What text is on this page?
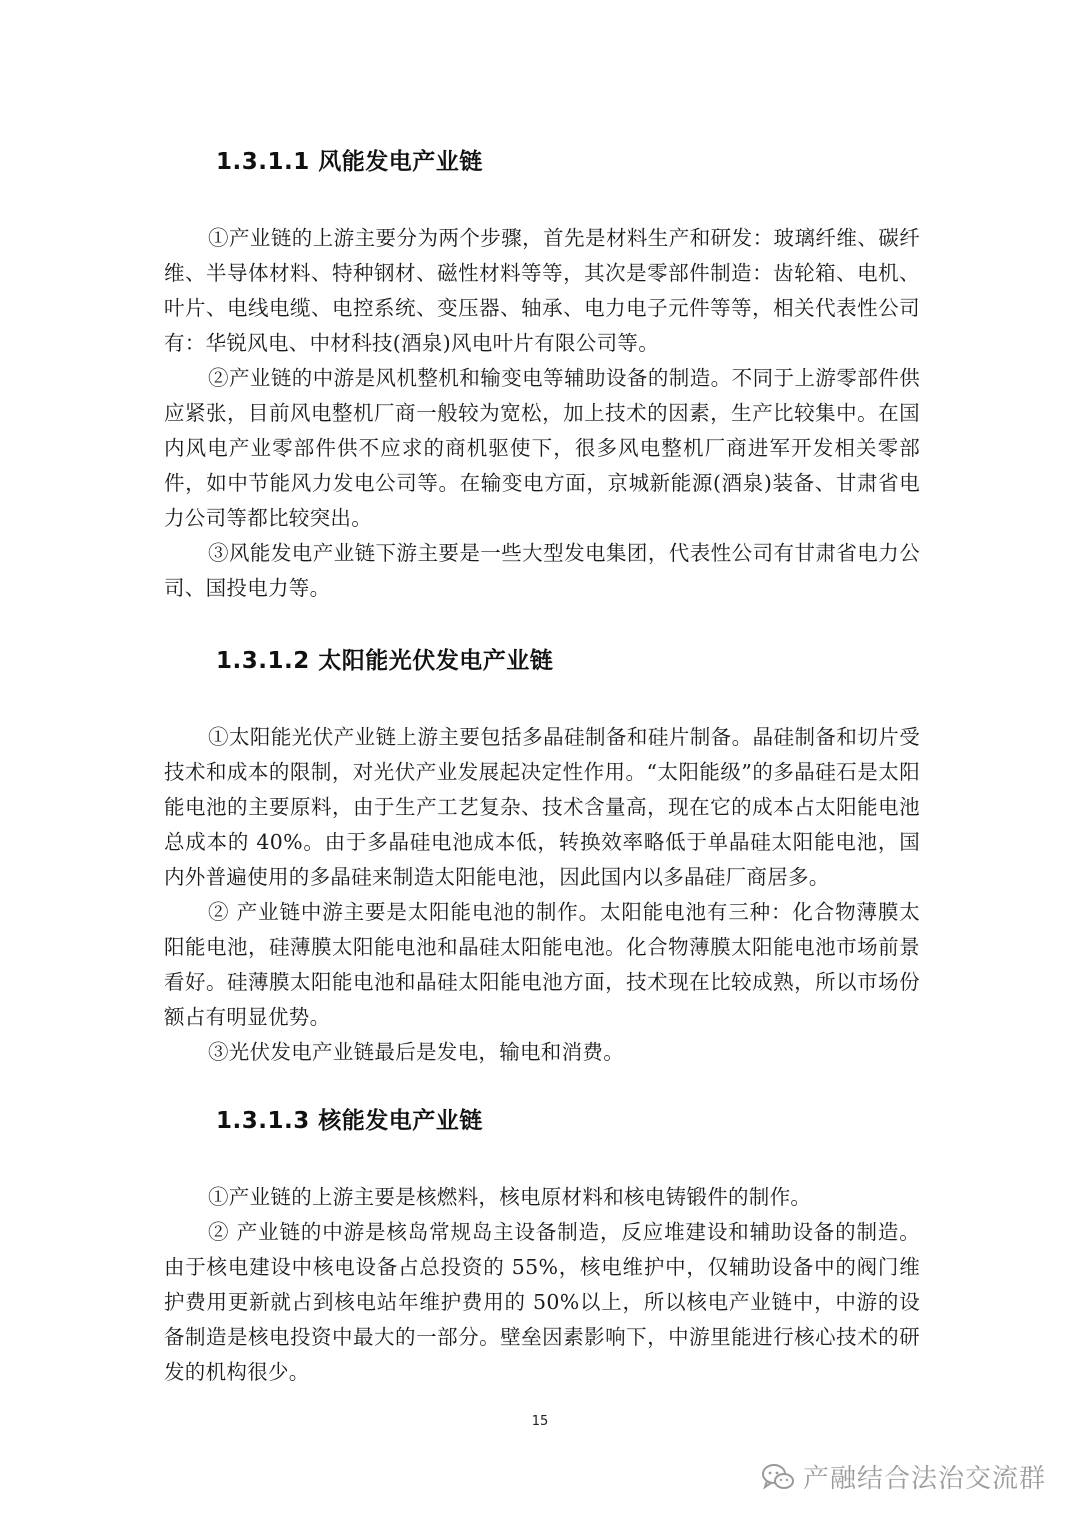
1.3.1.1 风能发电产业链

①产业链的上游主要分为两个步骤，首先是材料生产和研发：玻璃纤维、碳纤维、半导体材料、特种钢材、磁性材料等等，其次是零部件制造：齿轮箱、电机、叶片、电线电缆、电控系统、变压器、轴承、电力电子元件等等，相关代表性公司有：华锐风电、中材科技(酒泉)风电叶片有限公司等。

②产业链的中游是风机整机和输变电等辅助设备的制造。不同于上游零部件供应紧张，目前风电整机厂商一般较为宽松，加上技术的因素，生产比较集中。在国内风电产业零部件供不应求的商机驱使下，很多风电整机厂商进军开发相关零部件，如中节能风力发电公司等。在输变电方面，京城新能源(酒泉)装备、甘肃省电力公司等都比较突出。

③风能发电产业链下游主要是一些大型发电集团，代表性公司有甘肃省电力公司、国投电力等。

1.3.1.2 太阳能光伏发电产业链

①太阳能光伏产业链上游主要包括多晶硅制备和硅片制备。晶硅制备和切片受技术和成本的限制，对光伏产业发展起决定性作用。“太阳能级”的多晶硅石是太阳能电池的主要原料，由于生产工艺复杂、技术含量高，现在它的成本占太阳能电池总成本的 40%。由于多晶硅电池成本低，转换效率略低于单晶硅太阳能电池，国内外普遍使用的多晶硅来制造太阳能电池，因此国内以多晶硅厂商居多。

② 产业链中游主要是太阳能电池的制作。太阳能电池有三种：化合物薄膜太阳能电池，硅薄膜太阳能电池和晶硅太阳能电池。化合物薄膜太阳能电池市场前景看好。硅薄膜太阳能电池和晶硅太阳能电池方面，技术现在比较成熟，所以市场份额占有明显优势。

③光伏发电产业链最后是发电，输电和消费。

1.3.1.3 核能发电产业链

①产业链的上游主要是核燃料，核电原材料和核电铸锻件的制作。

② 产业链的中游是核岛常规岛主设备制造，反应堆建设和辅助设备的制造。由于核电建设中核电设备占总投资的 55%，核电维护中，仅辅助设备中的阀门维护费用更新就占到核电站年维护费用的 50%以上，所以核电产业链中，中游的设备制造是核电投资中最大的一部分。壁垒因素影响下，中游里能进行核心技术的研发的机构很少。

15
产融结合法治交流群
